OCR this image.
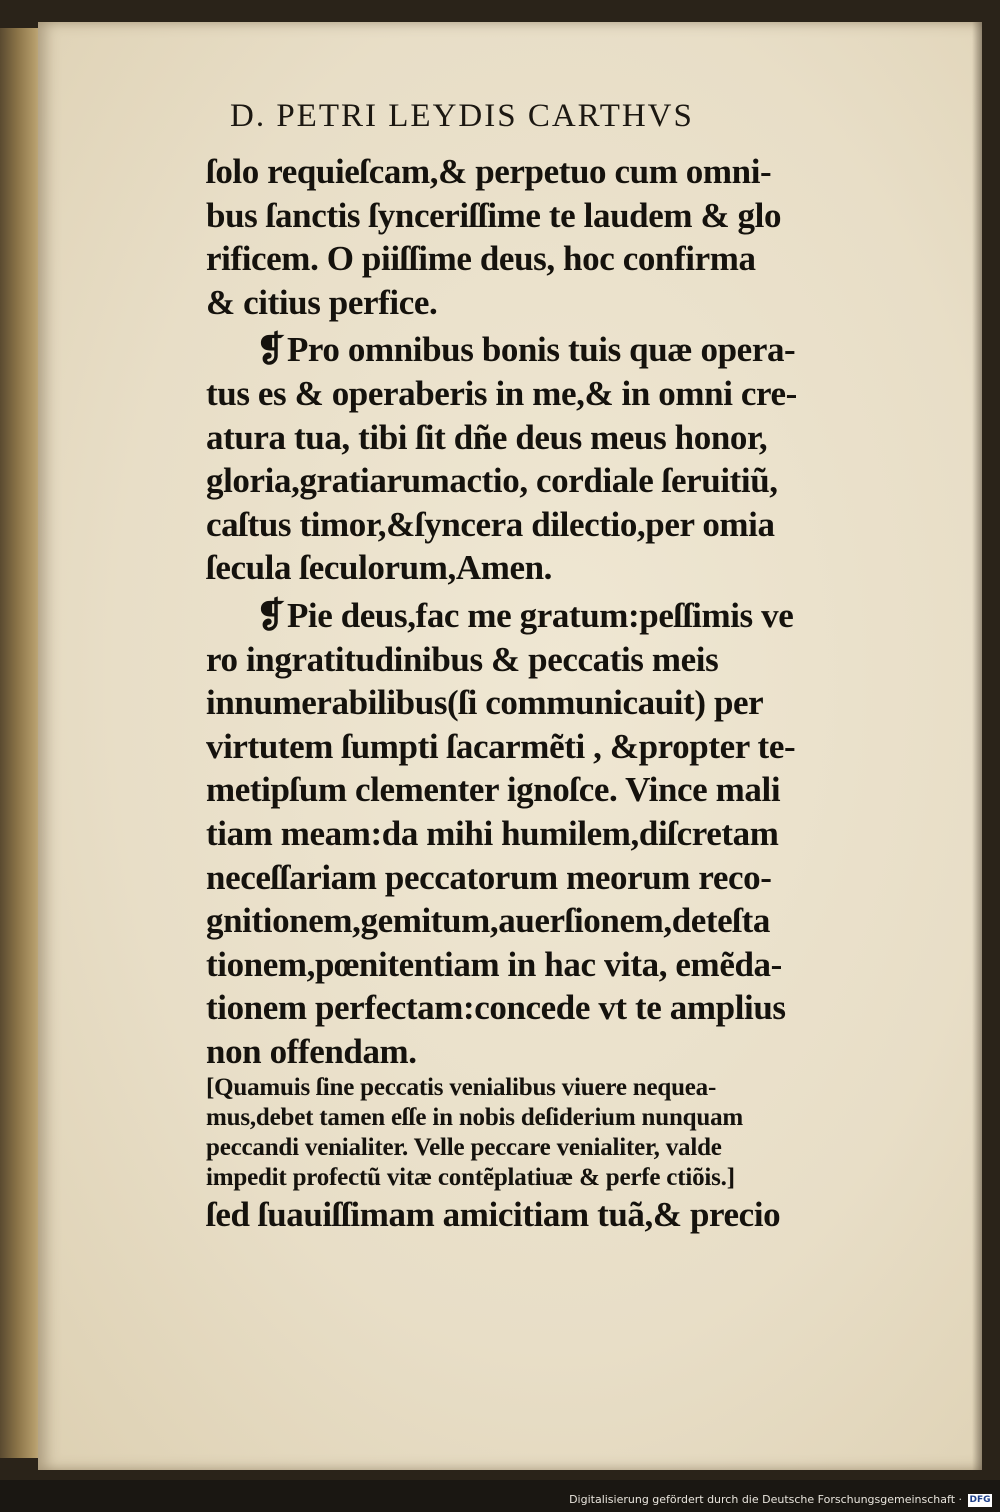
D. PETRI LEYDIS CARTHVS
ſolo requieſcam,& perpetuo cum omni-
bus ſanctis ſynceriſſime te laudem & glo
rificem. O piiſſime deus, hoc confirma
& citius perfice.
❡Pro omnibus bonis tuis quæ opera-
tus es & operaberis in me,& in omni cre-
atura tua, tibi ſit dñe deus meus honor,
gloria,gratiarumactio, cordiale ſeruitiũ,
caſtus timor,&ſyncera dilectio,per omia
ſecula ſeculorum,Amen.
❡Pie deus,fac me gratum:peſſimis ve
ro ingratitudinibus & peccatis meis
innumerabilibus(ſi communicauit) per
virtutem ſumpti ſacarmẽti , &propter te-
metipſum clementer ignoſce. Vince mali
tiam meam:da mihi humilem,diſcretam
neceſſariam peccatorum meorum reco-
gnitionem,gemitum,auerſionem,deteſta
tionem,pœnitentiam in hac vita, emẽda-
tionem perfectam:concede vt te amplius
non offendam.
[Quamuis ſine peccatis venialibus viuere nequea-
mus,debet tamen eſſe in nobis deſiderium nunquam
peccandi venialiter. Velle peccare venialiter, valde
impedit profectũ vitæ contẽplatiuæ & perfe ctiõis.]
ſed ſuauiſſimam amicitiam tuã,& precio
Digitalisierung gefördert durch die Deutsche Forschungsgemeinschaft · DFG
